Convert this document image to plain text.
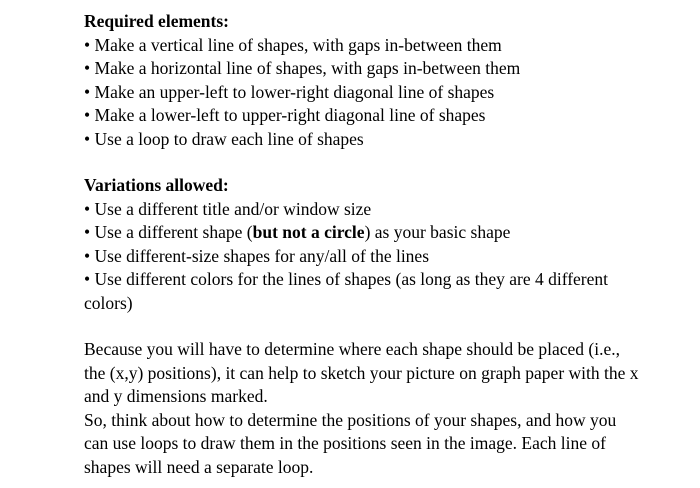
Required elements:

• Make a vertical line of shapes, with gaps in-between them
• Make a horizontal line of shapes, with gaps in-between them
• Make an upper-left to lower-right diagonal line of shapes
• Make a lower-left to upper-right diagonal line of shapes
• Use a loop to draw each line of shapes

Variations allowed:

• Use a different title and/or window size
• Use a different shape (but not a circle) as your basic shape
• Use different-size shapes for any/all of the lines
• Use different colors for the lines of shapes (as long as they are 4 different colors)

Because you will have to determine where each shape should be placed (i.e., the (x,y) positions), it can help to sketch your picture on graph paper with the x and y dimensions marked.

So, think about how to determine the positions of your shapes, and how you can use loops to draw them in the positions seen in the image. Each line of shapes will need a separate loop.
